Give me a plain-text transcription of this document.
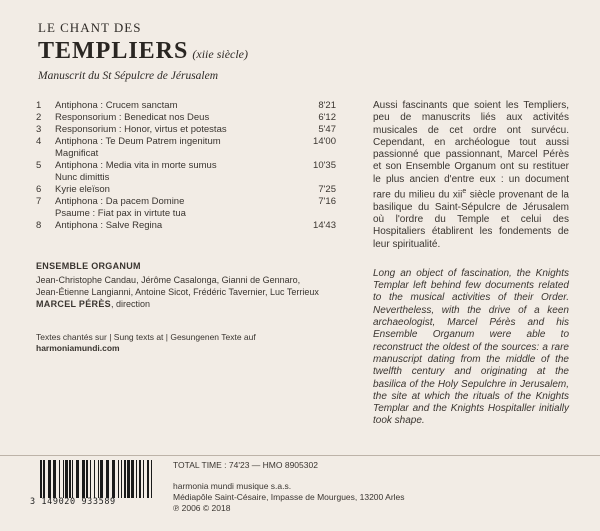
LE CHANT DES
TEMPLIERS (xiie siècle)
Manuscrit du St Sépulcre de Jérusalem
1	Antiphona : Crucem sanctam	8'21
2	Responsorium : Benedicat nos Deus	6'12
3	Responsorium : Honor, virtus et potestas	5'47
4	Antiphona : Te Deum Patrem ingenitum	14'00
Magnificat
5	Antiphona : Media vita in morte sumus	10'35
Nunc dimittis
6	Kyrie eleïson	7'25
7	Antiphona : Da pacem Domine	7'16
Psaume : Fiat pax in virtute tua
8	Antiphona : Salve Regina	14'43
ENSEMBLE ORGANUM
Jean-Christophe Candau, Jérôme Casalonga, Gianni de Gennaro,
Jean-Étienne Langianni, Antoine Sicot, Frédéric Tavernier, Luc Terrieux
MARCEL PÉRÈS, direction
Textes chantés sur | Sung texts at | Gesungenen Texte auf
harmoniamundi.com
Aussi fascinants que soient les Templiers, peu de manuscrits liés aux activités musicales de cet ordre ont survécu. Cependant, en archéologue tout aussi passionné que passionnant, Marcel Pérès et son Ensemble Organum ont su restituer le plus ancien d'entre eux : un document rare du milieu du xii$^e$ siècle provenant de la basilique du Saint-Sépulcre de Jérusalem où l'ordre du Temple et celui des Hospitaliers établirent les fondements de leur spiritualité.
Long an object of fascination, the Knights Templar left behind few documents related to the musical activities of their Order. Nevertheless, with the drive of a keen archaeologist, Marcel Pérès and his Ensemble Organum were able to reconstruct the oldest of the sources: a rare manuscript dating from the middle of the twelfth century and originating at the basilica of the Holy Sepulchre in Jerusalem, the site at which the rituals of the Knights Templar and the Knights Hospitaller initially took shape.
3 149020 933589
TOTAL TIME : 74'23 — HMO 8905302
harmonia mundi musique s.a.s.
Médiapôle Saint-Césaire, Impasse de Mourgues, 13200 Arles
℗ 2006 © 2018
